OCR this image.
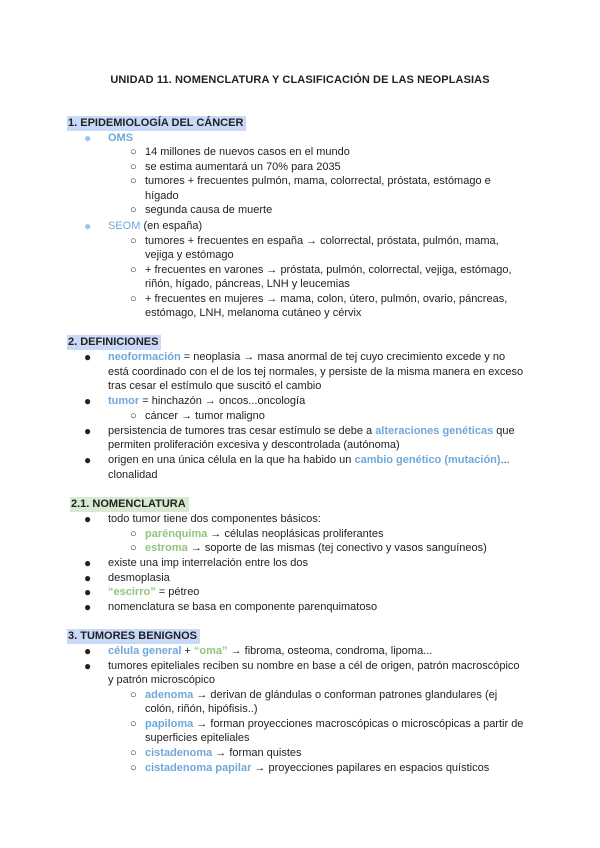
UNIDAD 11. NOMENCLATURA Y CLASIFICACIÓN DE LAS NEOPLASIAS
1. EPIDEMIOLOGÍA DEL CÁNCER
● OMS
○ 14 millones de nuevos casos en el mundo
○ se estima aumentará un 70% para 2035
○ tumores + frecuentes pulmón, mama, colorrectal, próstata, estómago e
hígado
○ segunda causa de muerte
● SEOM (en españa)
○ tumores + frecuentes en españa → colorrectal, próstata, pulmón, mama,
vejiga y estómago
○ + frecuentes en varones → próstata, pulmón, colorrectal, vejiga, estómago,
riñón, hígado, páncreas, LNH y leucemias
○ + frecuentes en mujeres → mama, colon, útero, pulmón, ovario, páncreas,
estómago, LNH, melanoma cutáneo y cérvix
2. DEFINICIONES
● neoformación = neoplasia → masa anormal de tej cuyo crecimiento excede y no
está coordinado con el de los tej normales, y persiste de la misma manera en exceso
tras cesar el estímulo que suscitó el cambio
● tumor = hinchazón → oncos...oncología
○ cáncer → tumor maligno
● persistencia de tumores tras cesar estímulo se debe a alteraciones genéticas que
permiten proliferación excesiva y descontrolada (autónoma)
● origen en una única célula en la que ha habido un cambio genético (mutación)...
clonalidad
2.1. NOMENCLATURA
● todo tumor tiene dos componentes básicos:
○ parénquima → células neoplásicas proliferantes
○ estroma → soporte de las mismas (tej conectivo y vasos sanguíneos)
● existe una imp interrelación entre los dos
● desmoplasia
● “escirro” = pétreo
● nomenclatura se basa en componente parenquimatoso
3. TUMORES BENIGNOS
● célula general + “oma” → fibroma, osteoma, condroma, lipoma...
● tumores epiteliales reciben su nombre en base a cél de origen, patrón macroscópico
y patrón microscópico
○ adenoma → derivan de glándulas o conforman patrones glandulares (ej
colón, riñón, hipófisis..)
○ papiloma → forman proyecciones macroscópicas o microscópicas a partir de
superficies epiteliales
○ cistadenoma → forman quistes
○ cistadenoma papilar → proyecciones papilares en espacios quísticos
